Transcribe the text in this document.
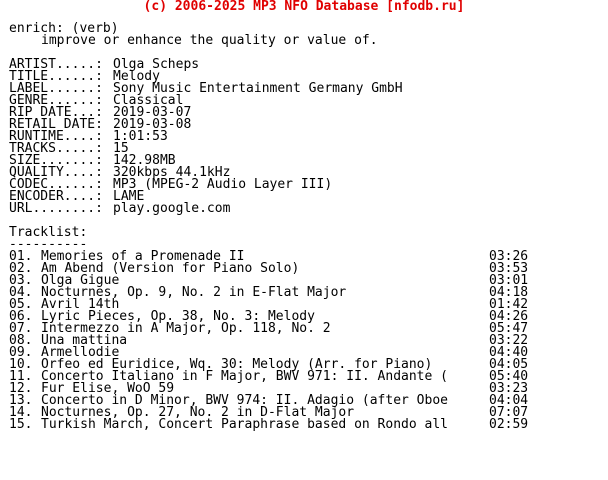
(c) 2006-2025 MP3 NFO Database [nfodb.ru]
enrich: (verb)
improve or enhance the quality or value of.
ARTIST.....: Olga Scheps
TITLE......: Melody
LABEL......: Sony Music Entertainment Germany GmbH
GENRE......: Classical
RIP DATE...: 2019-03-07
RETAIL DATE: 2019-03-08
RUNTIME....: 1:01:53
TRACKS.....: 15
SIZE.......: 142.98MB
QUALITY....: 320kbps 44.1kHz
CODEC......: MP3 (MPEG-2 Audio Layer III)
ENCODER....: LAME
URL........: play.google.com
Tracklist:
----------
01. Memories of a Promenade II	03:26
02. Am Abend (Version for Piano Solo)	03:53
03. Olga Gigue	03:01
04. Nocturnes, Op. 9, No. 2 in E-Flat Major	04:18
05. Avril 14th	01:42
06. Lyric Pieces, Op. 38, No. 3: Melody	04:26
07. Intermezzo in A Major, Op. 118, No. 2	05:47
08. Una mattina	03:22
09. Armellodie	04:40
10. Orfeo ed Euridice, Wq. 30: Melody (Arr. for Piano)	04:05
11. Concerto Italiano in F Major, BWV 971: II. Andante (	05:40
12. Fur Elise, WoO 59	03:23
13. Concerto in D Minor, BWV 974: II. Adagio (after Oboe	04:04
14. Nocturnes, Op. 27, No. 2 in D-Flat Major	07:07
15. Turkish March, Concert Paraphrase based on Rondo all	02:59
